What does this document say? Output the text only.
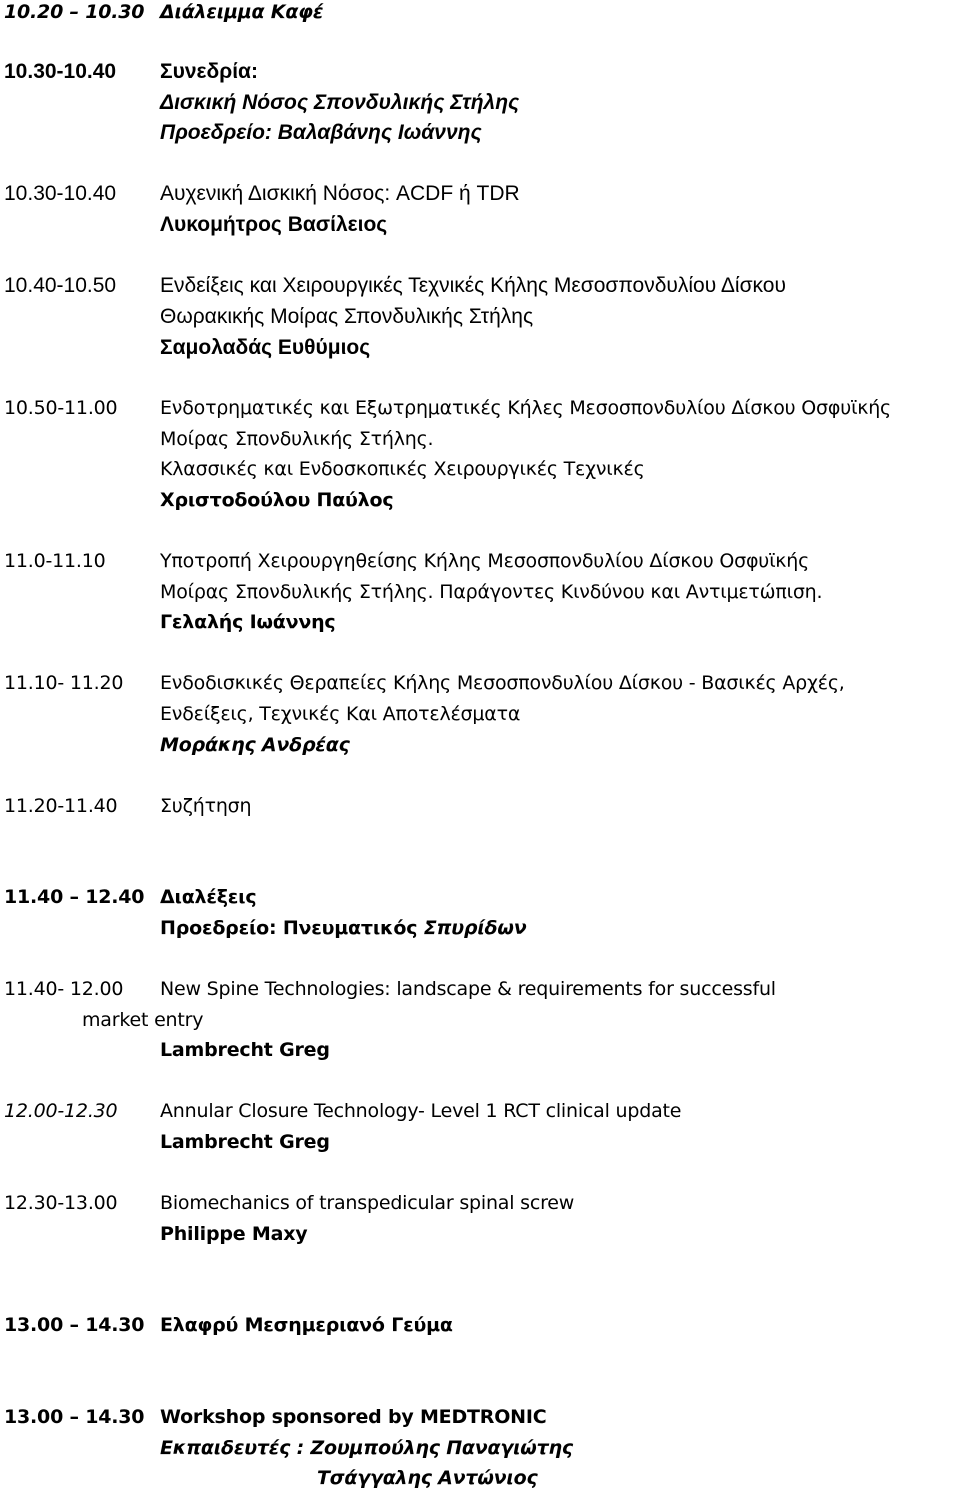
10.20 – 10.30 Διάλειμμα Καφέ
10.30-10.40 Συνεδρία:
Δισκική Νόσος Σπονδυλικής Στήλης
Προεδρείο: Βαλαβάνης Ιωάννης
10.30-10.40 Αυχενική Δισκική Νόσος: ACDF ή TDR
Λυκομήτρος Βασίλειος
10.40-10.50 Ενδείξεις και Χειρουργικές Τεχνικές Κήλης Μεσοσπονδυλίου Δίσκου
Θωρακικής Μοίρας Σπονδυλικής Στήλης
Σαμολαδάς Ευθύμιος
10.50-11.00 Ενδοτρηματικές και Εξωτρηματικές Κήλες Μεσοσπονδυλίου Δίσκου Οσφυϊκής
Μοίρας Σπονδυλικής Στήλης.
Κλασσικές και Ενδοσκοπικές Χειρουργικές Τεχνικές
Χριστοδούλου Παύλος
11.0-11.10	Υποτροπή Χειρουργηθείσης Κήλης Μεσοσπονδυλίου Δίσκου Οσφυϊκής
Μοίρας Σπονδυλικής Στήλης. Παράγοντες Κινδύνου και Αντιμετώπιση.
Γελαλής Ιωάννης
11.10- 11.20 Ενδοδισκικές Θεραπείες Κήλης Μεσοσπονδυλίου Δίσκου - Βασικές Αρχές,
Ενδείξεις, Τεχνικές Και Αποτελέσματα
Μοράκης Ανδρέας
11.20-11.40 Συζήτηση
11.40 – 12.40 Διαλέξεις
Προεδρείο: Πνευματικός Σπυρίδων
11.40- 12.00 New Spine Technologies: landscape & requirements for successful
market entry
Lambrecht Greg
12.00-12.30 Annular Closure Technology- Level 1 RCT clinical update
Lambrecht Greg
12.30-13.00 Biomechanics of transpedicular spinal screw
Philippe Maxy
13.00 – 14.30 Ελαφρύ Μεσημεριανό Γεύμα
13.00 – 14.30 Workshop sponsored by MEDTRONIC
Εκπαιδευτές : Ζουμπούλης Παναγιώτης
Τσάγγαλης Αντώνιος
